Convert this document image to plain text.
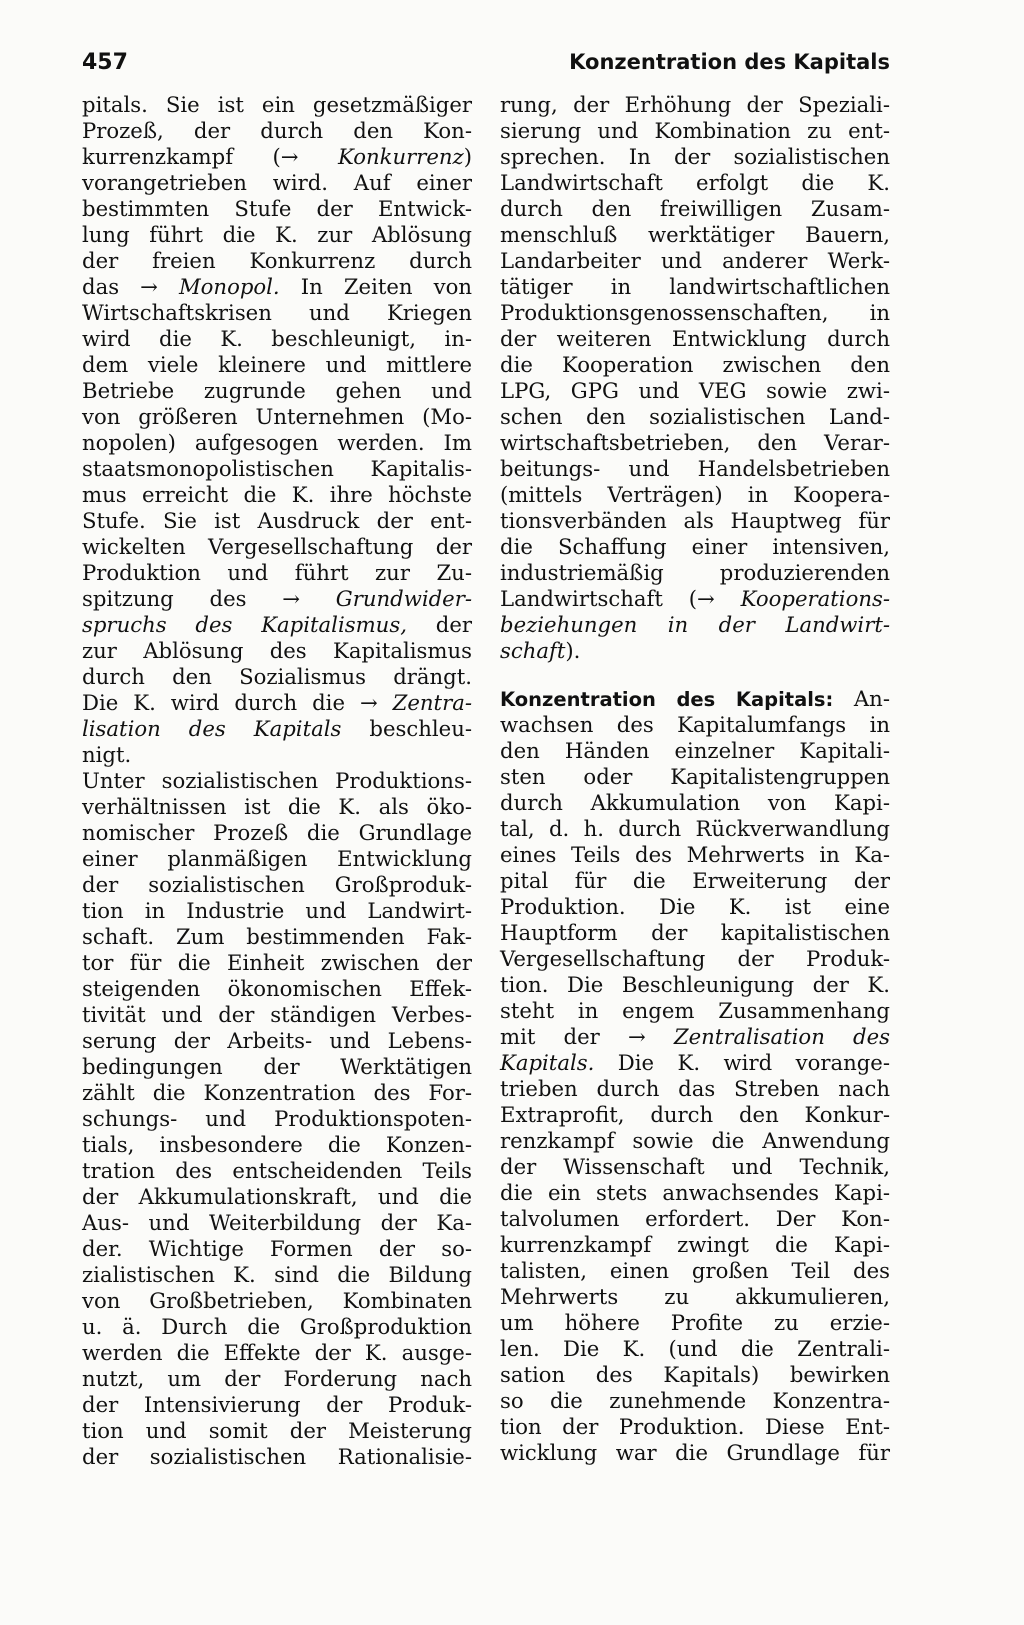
457	Konzentration des Kapitals
pitals. Sie ist ein gesetzmäßiger
Prozeß, der durch den Kon-
kurrenzkampf (→ Konkurrenz)
vorangetrieben wird. Auf einer
bestimmten Stufe der Entwick-
lung führt die K. zur Ablösung
der freien Konkurrenz durch
das → Monopol. In Zeiten von
Wirtschaftskrisen und Kriegen
wird die K. beschleunigt, in-
dem viele kleinere und mittlere
Betriebe zugrunde gehen und
von größeren Unternehmen (Mo-
nopolen) aufgesogen werden. Im
staatsmonopolistischen Kapitalis-
mus erreicht die K. ihre höchste
Stufe. Sie ist Ausdruck der ent-
wickelten Vergesellschaftung der
Produktion und führt zur Zu-
spitzung des → Grundwider-
spruchs des Kapitalismus, der
zur Ablösung des Kapitalismus
durch den Sozialismus drängt.
Die K. wird durch die → Zentra-
lisation des Kapitals beschleu-
nigt.
Unter sozialistischen Produktions-
verhältnissen ist die K. als öko-
nomischer Prozeß die Grundlage
einer planmäßigen Entwicklung
der sozialistischen Großproduk-
tion in Industrie und Landwirt-
schaft. Zum bestimmenden Fak-
tor für die Einheit zwischen der
steigenden ökonomischen Effek-
tivität und der ständigen Verbes-
serung der Arbeits- und Lebens-
bedingungen der Werktätigen
zählt die Konzentration des For-
schungs- und Produktionspoten-
tials, insbesondere die Konzen-
tration des entscheidenden Teils
der Akkumulationskraft, und die
Aus- und Weiterbildung der Ka-
der. Wichtige Formen der so-
zialistischen K. sind die Bildung
von Großbetrieben, Kombinaten
u. ä. Durch die Großproduktion
werden die Effekte der K. ausge-
nutzt, um der Forderung nach
der Intensivierung der Produk-
tion und somit der Meisterung
der sozialistischen Rationalisie-
rung, der Erhöhung der Speziali-
sierung und Kombination zu ent-
sprechen. In der sozialistischen
Landwirtschaft erfolgt die K.
durch den freiwilligen Zusam-
menschluß werktätiger Bauern,
Landarbeiter und anderer Werk-
tätiger in landwirtschaftlichen
Produktionsgenossenschaften, in
der weiteren Entwicklung durch
die Kooperation zwischen den
LPG, GPG und VEG sowie zwi-
schen den sozialistischen Land-
wirtschaftsbetrieben, den Verar-
beitungs- und Handelsbetrieben
(mittels Verträgen) in Koopera-
tionsverbänden als Hauptweg für
die Schaffung einer intensiven,
industriemäßig produzierenden
Landwirtschaft (→ Kooperations-
beziehungen in der Landwirt-
schaft).
Konzentration des Kapitals: An-
wachsen des Kapitalumfangs in
den Händen einzelner Kapitali-
sten oder Kapitalistengruppen
durch Akkumulation von Kapi-
tal, d. h. durch Rückverwandlung
eines Teils des Mehrwerts in Ka-
pital für die Erweiterung der
Produktion. Die K. ist eine
Hauptform der kapitalistischen
Vergesellschaftung der Produk-
tion. Die Beschleunigung der K.
steht in engem Zusammenhang
mit der → Zentralisation des
Kapitals. Die K. wird vorange-
trieben durch das Streben nach
Extraprofit, durch den Konkur-
renzkampf sowie die Anwendung
der Wissenschaft und Technik,
die ein stets anwachsendes Kapi-
talvolumen erfordert. Der Kon-
kurrenzkampf zwingt die Kapi-
talisten, einen großen Teil des
Mehrwerts zu akkumulieren,
um höhere Profite zu erzie-
len. Die K. (und die Zentrali-
sation des Kapitals) bewirken
so die zunehmende Konzentra-
tion der Produktion. Diese Ent-
wicklung war die Grundlage für
